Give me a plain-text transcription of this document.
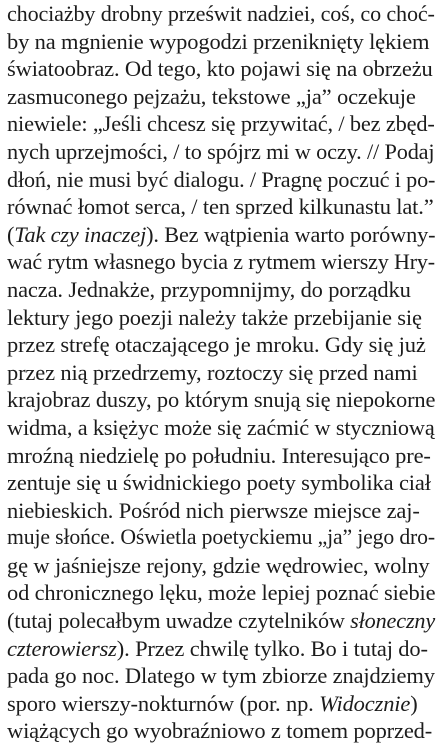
chociażby drobny prześwit nadziei, coś, co choć-
by na mgnienie wypogodzi przeniknięty lękiem
światoobraz. Od tego, kto pojawi się na obrzeżu
zasmuconego pejzażu, tekstowe „ja” oczekuje
niewiele: „Jeśli chcesz się przywitać, / bez zbęd-
nych uprzejmości, / to spójrz mi w oczy. // Podaj
dłoń, nie musi być dialogu. / Pragnę poczuć i po-
równać łomot serca, / ten sprzed kilkunastu lat.”
(Tak czy inaczej). Bez wątpienia warto porówny-
wać rytm własnego bycia z rytmem wierszy Hry-
nacza. Jednakże, przypomnijmy, do porządku
lektury jego poezji należy także przebijanie się
przez strefę otaczającego je mroku. Gdy się już
przez nią przedrzemy, roztoczy się przed nami
krajobraz duszy, po którym snują się niepokorne
widma, a księżyc może się zaćmić w styczniową
mroźną niedzielę po południu. Interesująco pre-
zentuje się u świdnickiego poety symbolika ciał
niebieskich. Pośród nich pierwsze miejsce zaj-
muje słońce. Oświetla poetyckiemu „ja” jego dro-
gę w jaśniejsze rejony, gdzie wędrowiec, wolny
od chronicznego lęku, może lepiej poznać siebie
(tutaj polecałbym uwadze czytelników słoneczny
czterowiersz). Przez chwilę tylko. Bo i tutaj do-
pada go noc. Dlatego w tym zbiorze znajdziemy
sporo wierszy-nokturnów (por. np. Widocznie)
wiążących go wyobraźniowo z tomem poprzed-
